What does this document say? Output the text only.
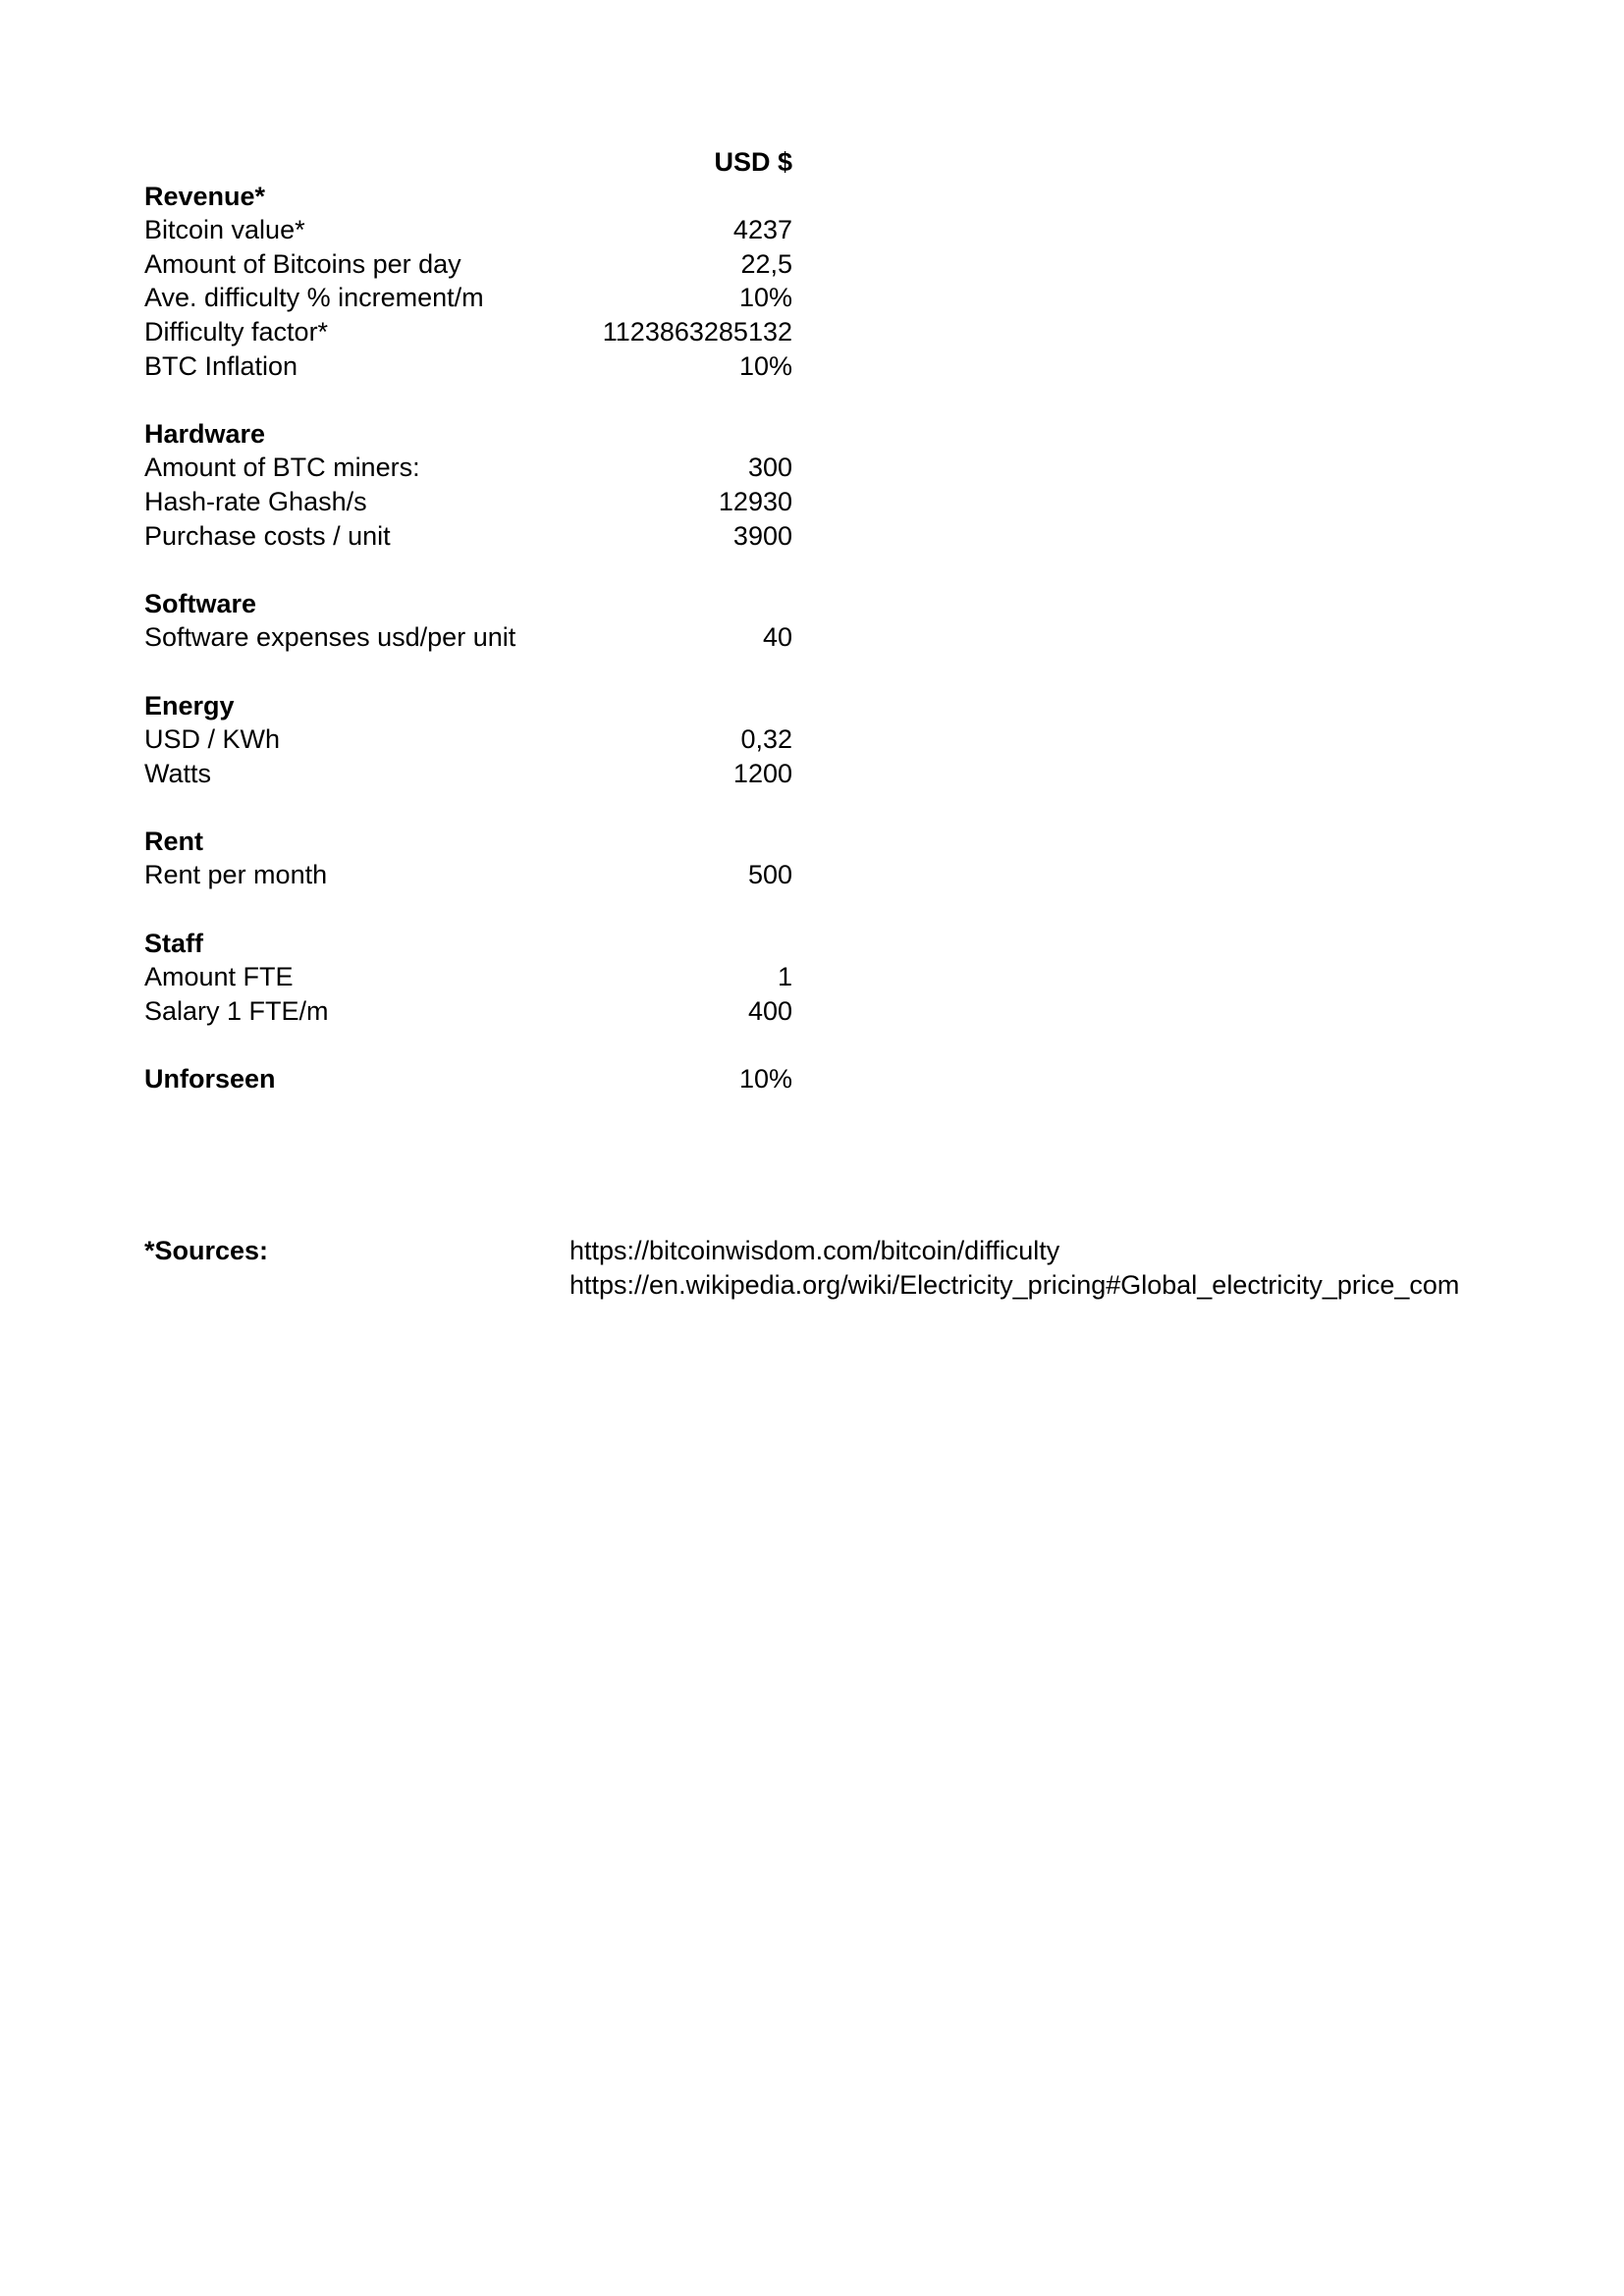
USD $
Revenue*
Bitcoin value*	4237
Amount of Bitcoins per day	22,5
Ave. difficulty % increment/m	10%
Difficulty factor*	1123863285132
BTC Inflation	10%
Hardware
Amount of BTC miners:	300
Hash-rate Ghash/s	12930
Purchase costs / unit	3900
Software
Software expenses usd/per unit	40
Energy
USD / KWh	0,32
Watts	1200
Rent
Rent per month	500
Staff
Amount FTE	1
Salary 1 FTE/m	400
Unforseen	10%
*Sources:	https://bitcoinwisdom.com/bitcoin/difficulty
https://en.wikipedia.org/wiki/Electricity_pricing#Global_electricity_price_com
